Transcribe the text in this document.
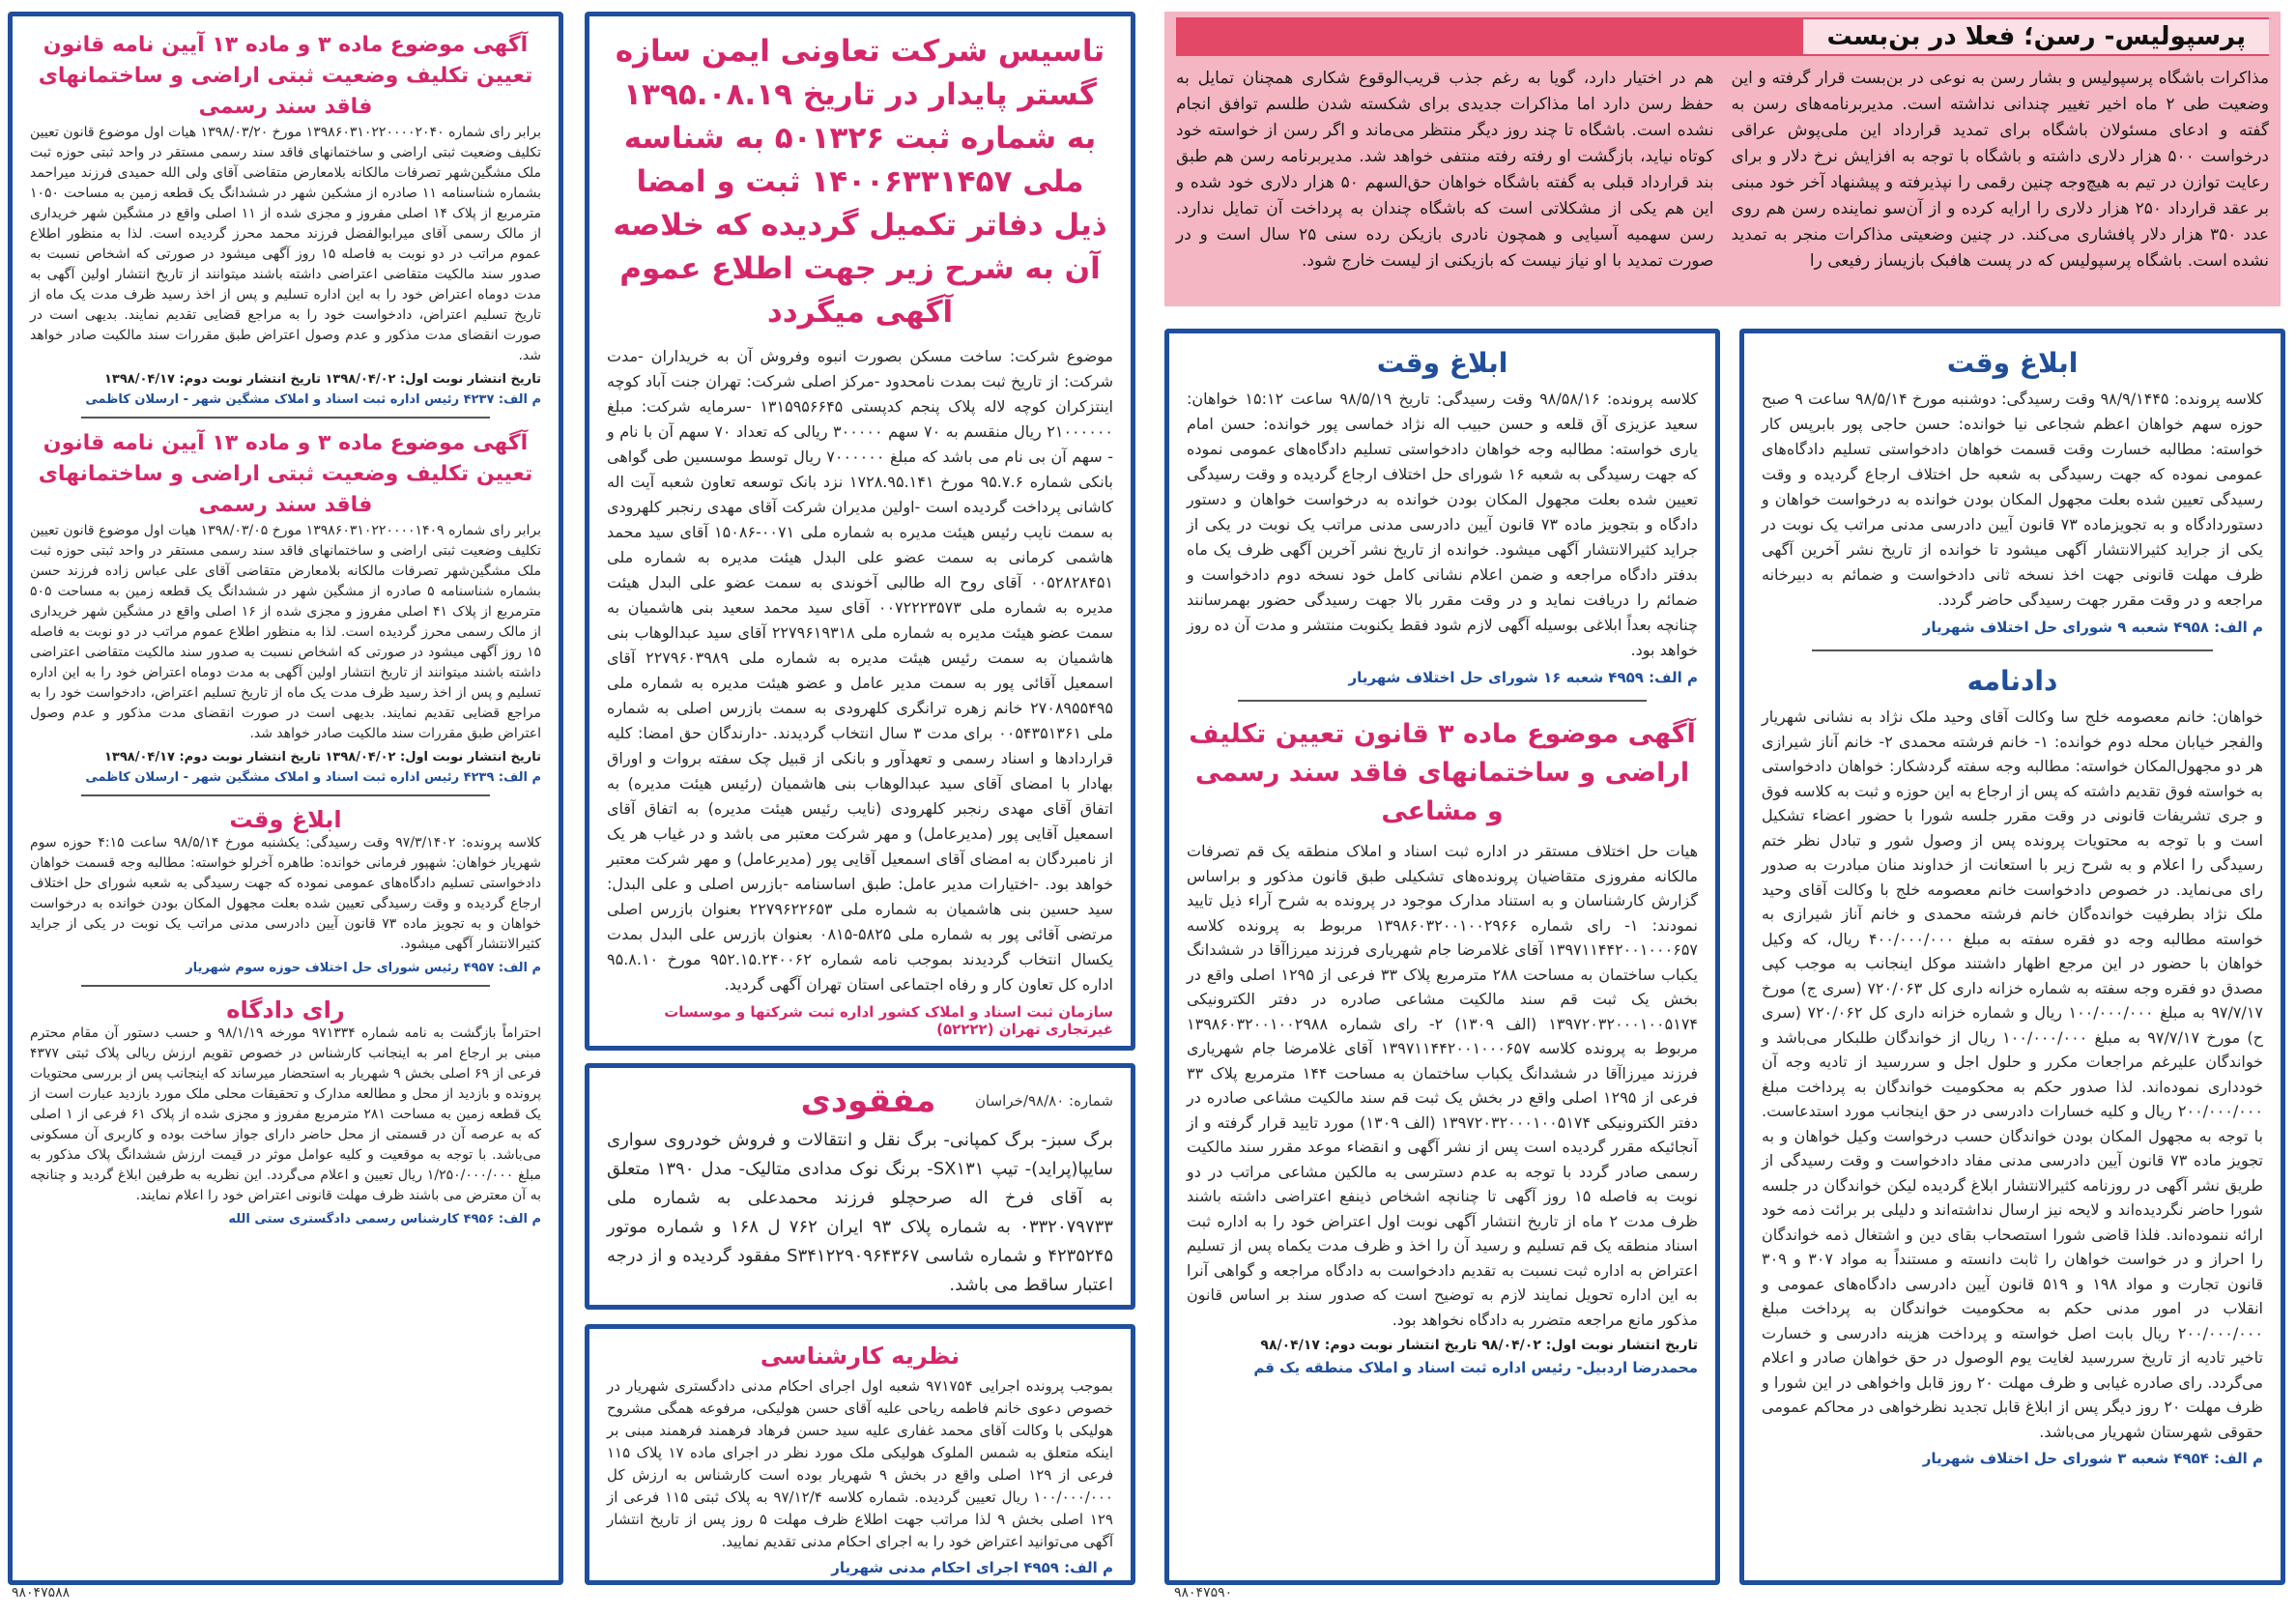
پرسپولیس- رسن؛ فعلا در بن‌بست
مذاکرات باشگاه پرسپولیس و بشار رسن به نوعی در بن‌بست قرار گرفته و این وضعیت طی ۲ ماه اخیر تغییر چندانی نداشته است. مدیربرنامه‌های رسن به گفته و ادعای مسئولان باشگاه برای تمدید قرارداد این ملی‌پوش عراقی درخواست ۵۰۰ هزار دلاری داشته و باشگاه با توجه به افزایش نرخ دلار و برای رعایت توازن در تیم به هیچ‌وجه چنین رقمی را نپذیرفته و پیشنهاد آخر خود مبنی بر عقد قرارداد ۲۵۰ هزار دلاری را ارایه کرده و از آن‌سو نماینده رسن هم روی عدد ۳۵۰ هزار دلار پافشاری می‌کند. در چنین وضعیتی مذاکرات منجر به تمدید نشده است. باشگاه پرسپولیس که در پست هافبک بازیساز رفیعی را
هم در اختیار دارد، گویا به رغم جذب قریب‌الوقوع شکاری همچنان تمایل به حفظ رسن دارد اما مذاکرات جدیدی برای شکسته شدن طلسم توافق انجام نشده است. باشگاه تا چند روز دیگر منتظر می‌ماند و اگر رسن از خواسته خود کوتاه نیاید، بازگشت او رفته رفته منتفی خواهد شد. مدیربرنامه رسن هم طبق بند قرارداد قبلی به گفته باشگاه خواهان حق‌السهم ۵۰ هزار دلاری خود شده و این هم یکی از مشکلاتی است که باشگاه چندان به پرداخت آن تمایل ندارد. رسن سهمیه آسیایی و همچون نادری بازیکن رده سنی ۲۵ سال است و در صورت تمدید با او نیاز نیست که بازیکنی از لیست خارج شود.
ابلاغ وقت
کلاسه پرونده: ۹۸/۹/۱۴۴۵ وقت رسیدگی: دوشنبه مورخ ۹۸/۵/۱۴ ساعت ۹ صبح حوزه سهم خواهان اعظم شجاعی نیا خوانده: حسن حاجی پور بابرپس کار خواسته: مطالبه خسارت وقت قسمت خواهان دادخواستی تسلیم دادگاه‌های عمومی نموده که جهت رسیدگی به شعبه حل اختلاف ارجاع گردیده و وقت رسیدگی تعیین شده بعلت مجهول المکان بودن خوانده به درخواست خواهان و دستوردادگاه و به تجویزماده ۷۳ قانون آیین دادرسی مدنی مراتب یک نوبت در یکی از جراید کثیرالانتشار آگهی میشود تا خوانده از تاریخ نشر آخرین آگهی ظرف مهلت قانونی جهت اخذ نسخه ثانی دادخواست و ضمائم به دبیرخانه مراجعه و در وقت مقرر جهت رسیدگی حاضر گردد.
م الف: ۴۹۵۸ شعبه ۹ شورای حل اختلاف شهریار
دادنامه
خواهان: خانم معصومه خلج سا وکالت آقای وحید ملک نژاد به نشانی شهریار والفجر خیابان محله دوم خوانده: ۱- خانم فرشته محمدی ۲- خانم آناز شیرازی هر دو مجهول‌المکان خواسته: مطالبه وجه سفته گردشکار: خواهان دادخواستی به خواسته فوق تقدیم داشته که پس از ارجاع به این حوزه و ثبت به کلاسه فوق و جری تشریفات قانونی در وقت مقرر جلسه شورا با حضور اعضاء تشکیل است و با توجه به محتویات پرونده پس از وصول شور و تبادل نظر ختم رسیدگی را اعلام و به شرح زیر با استعانت از خداوند منان مبادرت به صدور رای می‌نماید. در خصوص دادخواست خانم معصومه خلج با وکالت آقای وحید ملک نژاد بطرفیت خوانده‌گان خانم فرشته محمدی و خانم آناز شیرازی به خواسته مطالبه وجه دو فقره سفته به مبلغ ۴۰۰/۰۰۰/۰۰۰ ریال، که وکیل خواهان با حضور در این مرجع اظهار داشتند موکل اینجانب به موجب کپی مصدق دو فقره وجه سفته به شماره خزانه داری کل ۷۲۰/۰۶۳ (سری ج) مورخ ۹۷/۷/۱۷ به مبلغ ۱۰۰/۰۰۰/۰۰۰ ریال و شماره خزانه داری کل ۷۲۰/۰۶۲ (سری ح) مورخ ۹۷/۷/۱۷ به مبلغ ۱۰۰/۰۰۰/۰۰۰ ریال از خواندگان طلبکار می‌باشد و خواندگان علیرغم مراجعات مکرر و حلول اجل و سررسید از تادیه وجه آن خودداری نموده‌اند. لذا صدور حکم به محکومیت خواندگان به پرداخت مبلغ ۲۰۰/۰۰۰/۰۰۰ ریال و کلیه خسارات دادرسی در حق اینجانب مورد استدعاست. با توجه به مجهول المکان بودن خواندگان حسب درخواست وکیل خواهان و به تجویز ماده ۷۳ قانون آیین دادرسی مدنی مفاد دادخواست و وقت رسیدگی از طریق نشر آگهی در روزنامه کثیرالانتشار ابلاغ گردیده لیکن خواندگان در جلسه شورا حاضر نگردیده‌اند و لایحه نیز ارسال نداشته‌اند و دلیلی بر برائت ذمه خود ارائه ننموده‌اند. فلذا قاضی شورا استصحاب بقای دین و اشتغال ذمه خواندگان را احراز و در خواست خواهان را ثابت دانسته و مستنداً به مواد ۳۰۷ و ۳۰۹ قانون تجارت و مواد ۱۹۸ و ۵۱۹ قانون آیین دادرسی دادگاه‌های عمومی و انقلاب در امور مدنی حکم به محکومیت خواندگان به پرداخت مبلغ ۲۰۰/۰۰۰/۰۰۰ ریال بابت اصل خواسته و پرداخت هزینه دادرسی و خسارت تاخیر تادیه از تاریخ سررسید لغایت یوم الوصول در حق خواهان صادر و اعلام می‌گردد. رای صادره غیابی و ظرف مهلت ۲۰ روز قابل واخواهی در این شورا و ظرف مهلت ۲۰ روز دیگر پس از ابلاغ قابل تجدید نظرخواهی در محاکم عمومی حقوقی شهرستان شهریار می‌باشد.
م الف: ۴۹۵۴ شعبه ۳ شورای حل اختلاف شهریار
ابلاغ وقت
کلاسه پرونده: ۹۸/۵۸/۱۶ وقت رسیدگی: تاریخ ۹۸/۵/۱۹ ساعت ۱۵:۱۲ خواهان: سعید عزیزی آق قلعه و حسن حبیب اله نژاد خماسی پور خوانده: حسن امام یاری خواسته: مطالبه وجه خواهان دادخواستی تسلیم دادگاه‌های عمومی نموده که جهت رسیدگی به شعبه ۱۶ شورای حل اختلاف ارجاع گردیده و وقت رسیدگی تعیین شده بعلت مجهول المکان بودن خوانده به درخواست خواهان و دستور دادگاه و بتجویز ماده ۷۳ قانون آیین دادرسی مدنی مراتب یک نوبت در یکی از جراید کثیرالانتشار آگهی میشود. خوانده از تاریخ نشر آخرین آگهی ظرف یک ماه بدفتر دادگاه مراجعه و ضمن اعلام نشانی کامل خود نسخه دوم دادخواست و ضمائم را دریافت نماید و در وقت مقرر بالا جهت رسیدگی حضور بهمرسانند چنانچه بعداً ابلاغی بوسیله آگهی لازم شود فقط یکنوبت منتشر و مدت آن ده روز خواهد بود.
م الف: ۴۹۵۹ شعبه ۱۶ شورای حل اختلاف شهریار
آگهی موضوع ماده ۳ قانون تعیین تکلیف اراضی و ساختمانهای فاقد سند رسمی و مشاعی
هیات حل اختلاف مستقر در اداره ثبت اسناد و املاک منطقه یک قم تصرفات مالکانه مفروزی متقاضیان پرونده‌های تشکیلی طبق قانون مذکور و براساس گزارش کارشناسان و به استناد مدارک موجود در پرونده به شرح آراء ذیل تایید نمودند: ۱- رای شماره ۱۳۹۸۶۰۳۲۰۰۱۰۰۲۹۶۶ مربوط به پرونده کلاسه ۱۳۹۷۱۱۴۴۲۰۰۱۰۰۰۶۵۷ آقای غلامرضا جام شهریاری فرزند میرزاآقا در ششدانگ یکباب ساختمان به مساحت ۲۸۸ مترمربع پلاک ۳۳ فرعی از ۱۲۹۵ اصلی واقع در بخش یک ثبت قم سند مالکیت مشاعی صادره در دفتر الکترونیکی ۱۳۹۷۲۰۳۲۰۰۰۱۰۰۵۱۷۴ (الف ۱۳۰۹) ۲- رای شماره ۱۳۹۸۶۰۳۲۰۰۱۰۰۲۹۸۸ مربوط به پرونده کلاسه ۱۳۹۷۱۱۴۴۲۰۰۱۰۰۰۶۵۷ آقای غلامرضا جام شهریاری فرزند میرزاآقا در ششدانگ یکباب ساختمان به مساحت ۱۴۴ مترمربع پلاک ۳۳ فرعی از ۱۲۹۵ اصلی واقع در بخش یک ثبت قم سند مالکیت مشاعی صادره در دفتر الکترونیکی ۱۳۹۷۲۰۳۲۰۰۰۱۰۰۵۱۷۴ (الف ۱۳۰۹) مورد تایید قرار گرفته و از آنجائیکه مقرر گردیده است پس از نشر آگهی و انقضاء موعد مقرر سند مالکیت رسمی صادر گردد با توجه به عدم دسترسی به مالکین مشاعی مراتب در دو نوبت به فاصله ۱۵ روز آگهی تا چنانچه اشخاص ذینفع اعتراضی داشته باشند ظرف مدت ۲ ماه از تاریخ انتشار آگهی نوبت اول اعتراض خود را به اداره ثبت اسناد منطقه یک قم تسلیم و رسید آن را اخذ و ظرف مدت یکماه پس از تسلیم اعتراض به اداره ثبت نسبت به تقدیم دادخواست به دادگاه مراجعه و گواهی آنرا به این اداره تحویل نمایند لازم به توضیح است که صدور سند بر اساس قانون مذکور مانع مراجعه متضرر به دادگاه نخواهد بود.
تاریخ انتشار نوبت اول: ۹۸/۰۴/۰۲ تاریخ انتشار نوبت دوم: ۹۸/۰۴/۱۷
محمدرضا اردبیل- رئیس اداره ثبت اسناد و املاک منطقه یک قم
۹۸۰۴۷۵۹۰
تاسیس شرکت تعاونی ایمن سازه گستر پایدار در تاریخ ۱۳۹۵.۰۸.۱۹ به شماره ثبت ۵۰۱۳۲۶ به شناسه ملی ۱۴۰۰۶۳۳۱۴۵۷ ثبت و امضا ذیل دفاتر تکمیل گردیده که خلاصه آن به شرح زیر جهت اطلاع عموم آگهی میگردد
موضوع شرکت: ساخت مسکن بصورت انبوه وفروش آن به خریداران -مدت شرکت: از تاریخ ثبت بمدت نامحدود -مرکز اصلی شرکت: تهران جنت آباد کوچه اینتزکران کوچه لاله پلاک پنجم کدپستی ۱۳۱۵۹۵۶۶۴۵ -سرمایه شرکت: مبلغ ۲۱۰۰۰۰۰۰ ریال منقسم به ۷۰ سهم ۳۰۰۰۰۰ ریالی که تعداد ۷۰ سهم آن با نام و - سهم آن بی نام می باشد که مبلغ ۷۰۰۰۰۰۰ ریال توسط موسسین طی گواهی بانکی شماره ۹۵.۷.۶ مورخ ۱۷۲۸.۹۵.۱۴۱ نزد بانک توسعه تعاون شعبه آیت اله کاشانی پرداخت گردیده است -اولین مدیران شرکت آقای مهدی رنجبر کلهرودی به سمت نایب رئیس هیئت مدیره به شماره ملی ۰۰۷۱-۱۵۰۸۶ آقای سید محمد هاشمی کرمانی به سمت عضو علی البدل هیئت مدیره به شماره ملی ۰۰۵۲۸۲۸۴۵۱ آقای روح اله طالبی آخوندی به سمت عضو علی البدل هیئت مدیره به شماره ملی ۰۰۷۲۲۲۳۵۷۳ آقای سید محمد سعید بنی هاشمیان به سمت عضو هیئت مدیره به شماره ملی ۲۲۷۹۶۱۹۳۱۸ آقای سید عبدالوهاب بنی هاشمیان به سمت رئیس هیئت مدیره به شماره ملی ۲۲۷۹۶۰۳۹۸۹ آقای اسمعیل آقائی پور به سمت مدیر عامل و عضو هیئت مدیره به شماره ملی ۲۷۰۸۹۵۵۴۹۵ خانم زهره ترانگری کلهرودی به سمت بازرس اصلی به شماره ملی ۰۰۵۴۳۵۱۳۶۱ برای مدت ۳ سال انتخاب گردیدند. -دارندگان حق امضا: کلیه قراردادها و اسناد رسمی و تعهدآور و بانکی از قبیل چک سفته بروات و اوراق بهادار با امضای آقای سید عبدالوهاب بنی هاشمیان (رئیس هیئت مدیره) به اتفاق آقای مهدی رنجبر کلهرودی (نایب رئیس هیئت مدیره) به اتفاق آقای اسمعیل آقایی پور (مدیرعامل) و مهر شرکت معتبر می باشد و در غیاب هر یک از نامبردگان به امضای آقای اسمعیل آقایی پور (مدیرعامل) و مهر شرکت معتبر خواهد بود. -اختیارات مدیر عامل: طبق اساسنامه -بازرس اصلی و علی البدل: سید حسین بنی هاشمیان به شماره ملی ۲۲۷۹۶۲۲۶۵۳ بعنوان بازرس اصلی مرتضی آقائی پور به شماره ملی ۵۸۲۵-۰۸۱۵ بعنوان بازرس علی البدل بمدت یکسال انتخاب گردیدند بموجب نامه شماره ۹۵۲.۱۵.۲۴۰۰۶۲ مورخ ۹۵.۸.۱۰ اداره کل تعاون کار و رفاه اجتماعی استان تهران آگهی گردید.
سازمان ثبت اسناد و املاک کشور اداره ثبت شرکتها و موسسات غیرتجاری تهران (۵۲۲۲۲)
شماره: ۹۸/۸۰/خراسان
مفقودی
برگ سبز- برگ کمپانی- برگ نقل و انتقالات و فروش خودروی سواری سایپا(پراید)- تیپ SX۱۳۱- برنگ نوک مدادی متالیک- مدل ۱۳۹۰ متعلق به آقای فرخ اله صرحچلو فرزند محمدعلی به شماره ملی ۰۳۳۲۰۷۹۷۳۳ به شماره پلاک ۹۳ ایران ۷۶۲ ل ۱۶۸ و شماره موتور ۴۲۳۵۲۴۵ و شماره شاسی S۳۴۱۲۲۹۰۹۶۴۳۶۷ مفقود گردیده و از درجه اعتبار ساقط می باشد.
نظریه کارشناسی
بموجب پرونده اجرایی ۹۷۱۷۵۴ شعبه اول اجرای احکام مدنی دادگستری شهریار در خصوص دعوی خانم فاطمه ریاحی علیه آقای حسن هولیکی، مرفوعه همگی مشروح هولیکی با وکالت آقای محمد غفاری علیه سید حسن فرهاد فرهمند فرهمند مبنی بر اینکه متعلق به شمس الملوک هولیکی ملک مورد نظر در اجرای ماده ۱۷ پلاک ۱۱۵ فرعی از ۱۲۹ اصلی واقع در بخش ۹ شهریار بوده است کارشناس به ارزش کل ۱۰۰/۰۰۰/۰۰۰ ریال تعیین گردیده. شماره کلاسه ۹۷/۱۲/۴ به پلاک ثبتی ۱۱۵ فرعی از ۱۲۹ اصلی بخش ۹ لذا مراتب جهت اطلاع ظرف مهلت ۵ روز پس از تاریخ انتشار آگهی می‌توانید اعتراض خود را به اجرای احکام مدنی تقدیم نمایید.
م الف: ۴۹۵۹ اجرای احکام مدنی شهریار
آگهی موضوع ماده ۳ و ماده ۱۳ آیین نامه قانون تعیین تکلیف وضعیت ثبتی اراضی و ساختمانهای فاقد سند رسمی
برابر رای شماره ۱۳۹۸۶۰۳۱۰۲۲۰۰۰۰۲۰۴۰ مورخ ۱۳۹۸/۰۳/۲۰ هیات اول موضوع قانون تعیین تکلیف وضعیت ثبتی اراضی و ساختمانهای فاقد سند رسمی مستقر در واحد ثبتی حوزه ثبت ملک مشگین‌شهر تصرفات مالکانه بلامعارض متقاضی آقای ولی الله حمیدی فرزند میراحمد بشماره شناسنامه ۱۱ صادره از مشکین شهر در ششدانگ یک قطعه زمین به مساحت ۱۰۵۰ مترمربع از پلاک ۱۴ اصلی مفروز و مجزی شده از ۱۱ اصلی واقع در مشگین شهر خریداری از مالک رسمی آقای میرابوالفضل فرزند محمد محرز گردیده است. لذا به منظور اطلاع عموم مراتب در دو نوبت به فاصله ۱۵ روز آگهی میشود در صورتی که اشخاص نسبت به صدور سند مالکیت متقاضی اعتراضی داشته باشند میتوانند از تاریخ انتشار اولین آگهی به مدت دوماه اعتراض خود را به این اداره تسلیم و پس از اخذ رسید ظرف مدت یک ماه از تاریخ تسلیم اعتراض، دادخواست خود را به مراجع قضایی تقدیم نمایند. بدیهی است در صورت انقضای مدت مذکور و عدم وصول اعتراض طبق مقررات سند مالکیت صادر خواهد شد.
تاریخ انتشار نوبت اول: ۱۳۹۸/۰۴/۰۲ تاریخ انتشار نوبت دوم: ۱۳۹۸/۰۴/۱۷
م الف: ۴۲۳۷ رئیس اداره ثبت اسناد و املاک مشگین شهر - ارسلان کاظمی
آگهی موضوع ماده ۳ و ماده ۱۳ آیین نامه قانون تعیین تکلیف وضعیت ثبتی اراضی و ساختمانهای فاقد سند رسمی
برابر رای شماره ۱۳۹۸۶۰۳۱۰۲۲۰۰۰۰۱۴۰۹ مورخ ۱۳۹۸/۰۳/۰۵ هیات اول موضوع قانون تعیین تکلیف وضعیت ثبتی اراضی و ساختمانهای فاقد سند رسمی مستقر در واحد ثبتی حوزه ثبت ملک مشگین‌شهر تصرفات مالکانه بلامعارض متقاضی آقای علی عباس زاده فرزند حسن بشماره شناسنامه ۵ صادره از مشگین شهر در ششدانگ یک قطعه زمین به مساحت ۵۰۵ مترمربع از پلاک ۴۱ اصلی مفروز و مجزی شده از ۱۶ اصلی واقع در مشگین شهر خریداری از مالک رسمی محرز گردیده است. لذا به منظور اطلاع عموم مراتب در دو نوبت به فاصله ۱۵ روز آگهی میشود در صورتی که اشخاص نسبت به صدور سند مالکیت متقاضی اعتراضی داشته باشند میتوانند از تاریخ انتشار اولین آگهی به مدت دوماه اعتراض خود را به این اداره تسلیم و پس از اخذ رسید ظرف مدت یک ماه از تاریخ تسلیم اعتراض، دادخواست خود را به مراجع قضایی تقدیم نمایند. بدیهی است در صورت انقضای مدت مذکور و عدم وصول اعتراض طبق مقررات سند مالکیت صادر خواهد شد.
تاریخ انتشار نوبت اول: ۱۳۹۸/۰۴/۰۲ تاریخ انتشار نوبت دوم: ۱۳۹۸/۰۴/۱۷
م الف: ۴۲۳۹ رئیس اداره ثبت اسناد و املاک مشگین شهر - ارسلان کاظمی
ابلاغ وقت
کلاسه پرونده: ۹۷/۳/۱۴۰۲ وقت رسیدگی: یکشنبه مورخ ۹۸/۵/۱۴ ساعت ۴:۱۵ حوزه سوم شهریار خواهان: شهپور فرمانی خوانده: طاهره آخرلو خواسته: مطالبه وجه قسمت خواهان دادخواستی تسلیم دادگاه‌های عمومی نموده که جهت رسیدگی به شعبه شورای حل اختلاف ارجاع گردیده و وقت رسیدگی تعیین شده بعلت مجهول المکان بودن خوانده به درخواست خواهان و به تجویز ماده ۷۳ قانون آیین دادرسی مدنی مراتب یک نوبت در یکی از جراید کثیرالانتشار آگهی میشود.
م الف: ۴۹۵۷ رئیس شورای حل اختلاف حوزه سوم شهریار
رای دادگاه
احتراماً بازگشت به نامه شماره ۹۷۱۳۳۴ مورخه ۹۸/۱/۱۹ و حسب دستور آن مقام محترم مبنی بر ارجاع امر به اینجانب کارشناس در خصوص تقویم ارزش ریالی پلاک ثبتی ۴۳۷۷ فرعی از ۶۹ اصلی بخش ۹ شهریار به استحضار میرساند که اینجانب پس از بررسی محتویات پرونده و بازدید از محل و مطالعه مدارک و تحقیقات محلی ملک مورد بازدید عبارت است از یک قطعه زمین به مساحت ۲۸۱ مترمربع مفروز و مجزی شده از پلاک ۶۱ فرعی از ۱ اصلی که به عرصه آن در قسمتی از محل حاضر دارای جواز ساخت بوده و کاربری آن مسکونی می‌باشد. با توجه به موقعیت و کلیه عوامل موثر در قیمت ارزش ششدانگ پلاک مذکور به مبلغ ۱/۲۵۰/۰۰۰/۰۰۰ ریال تعیین و اعلام می‌گردد. این نظریه به طرفین ابلاغ گردید و چنانچه به آن معترض می باشند ظرف مهلت قانونی اعتراض خود را اعلام نمایند.
م الف: ۴۹۵۶ کارشناس رسمی دادگستری ستی الله
۹۸۰۴۷۵۸۸
